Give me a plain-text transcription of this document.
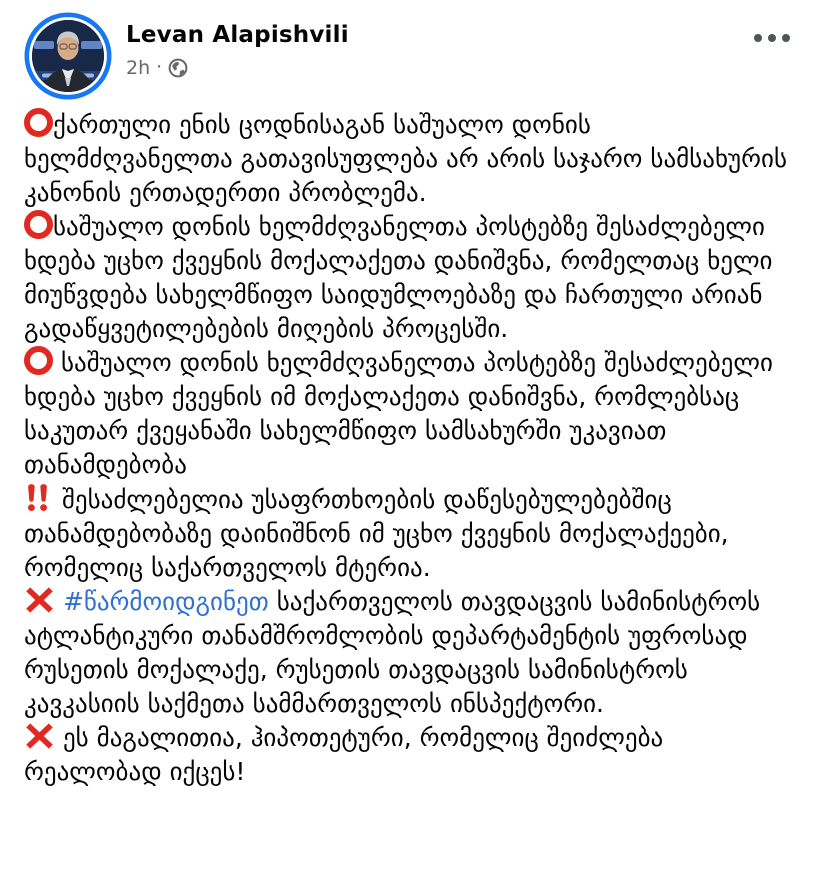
Levan Alapishvili
2h ·
ქართული ენის ცოდნისაგან საშუალო დონის ხელმძღვანელთა გათავისუფლება არ არის საჯარო სამსახურის კანონის ერთადერთი პრობლემა.
საშუალო დონის ხელმძღვანელთა პოსტებზე შესაძლებელი ხდება უცხო ქვეყნის მოქალაქეთა დანიშვნა, რომელთაც ხელი მიუწვდება სახელმწიფო საიდუმლოებაზე და ჩართული არიან გადაწყვეტილებების მიღების პროცესში.
საშუალო დონის ხელმძღვანელთა პოსტებზე შესაძლებელი ხდება უცხო ქვეყნის იმ მოქალაქეთა დანიშვნა, რომლებსაც საკუთარ ქვეყანაში სახელმწიფო სამსახურში უკავიათ თანამდებობა
შესაძლებელია უსაფრთხოების დაწესებულებებშიც თანამდებობაზე დაინიშნონ იმ უცხო ქვეყნის მოქალაქეები, რომელიც საქართველოს მტერია.
#წარმოიდგინეთ საქართველოს თავდაცვის სამინისტროს ატლანტიკური თანამშრომლობის დეპარტამენტის უფროსად რუსეთის მოქალაქე, რუსეთის თავდაცვის სამინისტროს კავკასიის საქმეთა სამმართველოს ინსპექტორი.
ეს მაგალითია, ჰიპოთეტური, რომელიც შეიძლება რეალობად იქცეს!
